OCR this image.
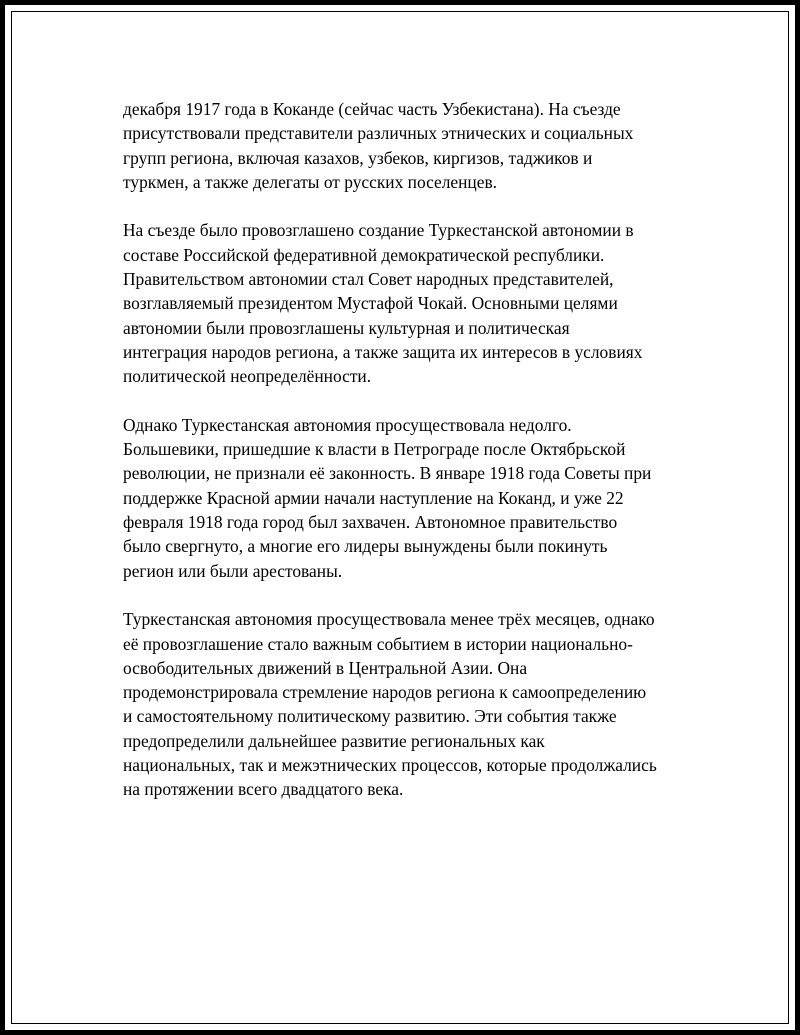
декабря 1917 года в Коканде (сейчас часть Узбекистана). На съезде
присутствовали представители различных этнических и социальных
групп региона, включая казахов, узбеков, киргизов, таджиков и
туркмен, а также делегаты от русских поселенцев.
На съезде было провозглашено создание Туркестанской автономии в
составе Российской федеративной демократической республики.
Правительством автономии стал Совет народных представителей,
возглавляемый президентом Мустафой Чокай. Основными целями
автономии были провозглашены культурная и политическая
интеграция народов региона, а также защита их интересов в условиях
политической неопределённости.
Однако Туркестанская автономия просуществовала недолго.
Большевики, пришедшие к власти в Петрограде после Октябрьской
революции, не признали её законность. В январе 1918 года Советы при
поддержке Красной армии начали наступление на Коканд, и уже 22
февраля 1918 года город был захвачен. Автономное правительство
было свергнуто, а многие его лидеры вынуждены были покинуть
регион или были арестованы.
Туркестанская автономия просуществовала менее трёх месяцев, однако
её провозглашение стало важным событием в истории национально-
освободительных движений в Центральной Азии. Она
продемонстрировала стремление народов региона к самоопределению
и самостоятельному политическому развитию. Эти события также
предопределили дальнейшее развитие региональных как
национальных, так и межэтнических процессов, которые продолжались
на протяжении всего двадцатого века.
